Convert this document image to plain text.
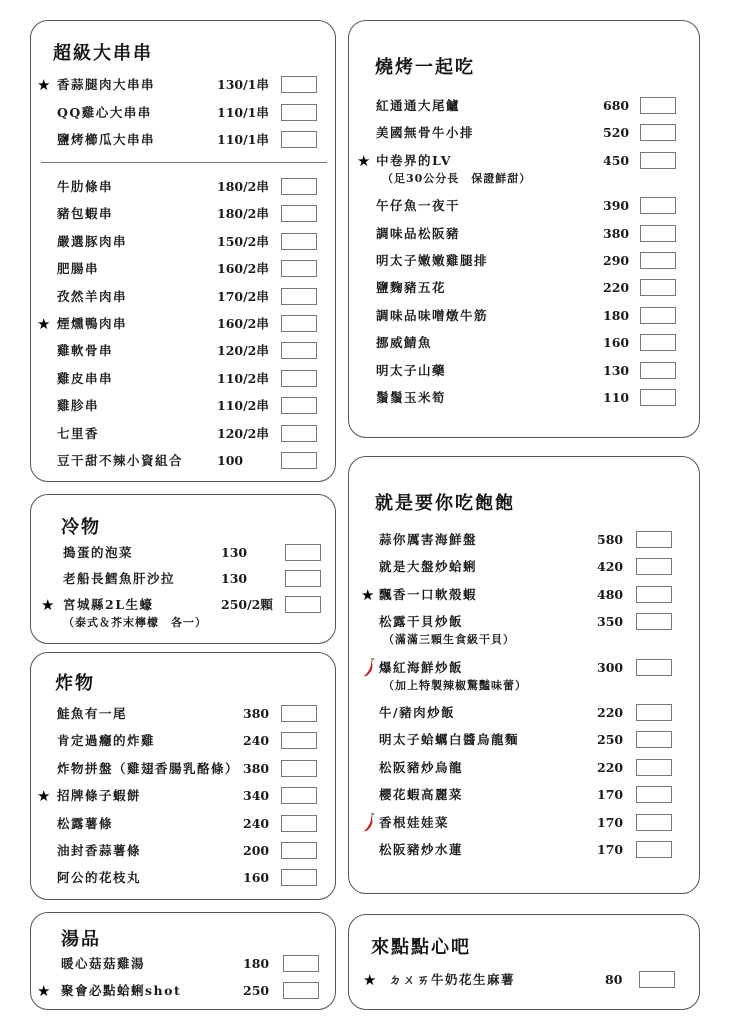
超級大串串
★ 香蒜腿肉大串串	130/1串
QQ雞心大串串	110/1串
鹽烤櫛瓜大串串	110/1串
牛肋條串	180/2串
豬包蝦串	180/2串
嚴選豚肉串	150/2串
肥腸串	160/2串
孜然羊肉串	170/2串
★ 煙燻鴨肉串	160/2串
雞軟骨串	120/2串
雞皮串串	110/2串
雞胗串	110/2串
七里香	120/2串
豆干甜不辣小資組合	100
冷物
搗蛋的泡菜	130
老船長鱈魚肝沙拉	130
★ 宮城縣2L生蠔	250/2顆
（泰式＆芥末檸檬　各一）
炸物
鮭魚有一尾	380
肯定過癮的炸雞	240
炸物拼盤（雞翅香腸乳酪條） 380
★ 招牌條子蝦餅	340
松露薯條	240
油封香蒜薯條	200
阿公的花枝丸	160
湯品
暖心菇菇雞湯	180
★ 聚會必點蛤蜊shot	250
燒烤一起吃
紅通通大尾鱸	680
美國無骨牛小排	520
★ 中卷界的LV	450
（足30公分長　保證鮮甜）
午仔魚一夜干	390
調味品松阪豬	380
明太子嫩嫩雞腿排	290
鹽麴豬五花	220
調味品味噌燉牛筋	180
挪威鯖魚	160
明太子山藥	130
鬚鬚玉米筍	110
就是要你吃飽飽
蒜你厲害海鮮盤	580
就是大盤炒蛤蜊	420
★ 飄香一口軟殼蝦	480
松露干貝炒飯	350
（滿滿三顆生食級干貝）
爆紅海鮮炒飯	300
（加上特製辣椒驚豔味蕾）
牛/豬肉炒飯	220
明太子蛤蠣白醬烏龍麵	250
松阪豬炒烏龍	220
櫻花蝦高麗菜	170
香根娃娃菜	170
松阪豬炒水蓮	170
來點點心吧
★ ㄉㄨㄞ牛奶花生麻薯	80
